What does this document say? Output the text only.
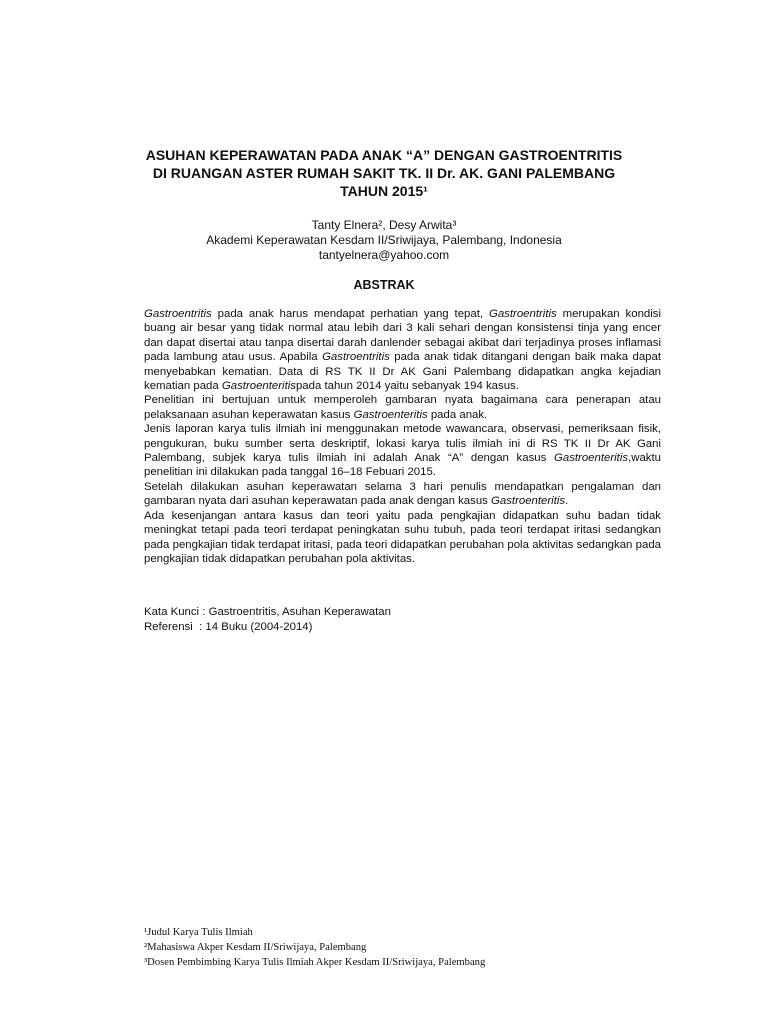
ASUHAN KEPERAWATAN PADA ANAK “A” DENGAN GASTROENTRITIS
DI RUANGAN ASTER RUMAH SAKIT TK. II Dr. AK. GANI PALEMBANG
TAHUN 2015¹
Tanty Elnera², Desy Arwita³
Akademi Keperawatan Kesdam II/Sriwijaya, Palembang, Indonesia
tantyelnera@yahoo.com
ABSTRAK

Gastroentritis pada anak harus mendapat perhatian yang tepat, Gastroentritis merupakan kondisi buang air besar yang tidak normal atau lebih dari 3 kali sehari dengan konsistensi tinja yang encer dan dapat disertai atau tanpa disertai darah danlender sebagai akibat dari terjadinya proses inflamasi pada lambung atau usus. Apabila Gastroentritis pada anak tidak ditangani dengan baik maka dapat menyebabkan kematian. Data di RS TK II Dr AK Gani Palembang didapatkan angka kejadian kematian pada Gastroenteritispada tahun 2014 yaitu sebanyak 194 kasus.

Penelitian ini bertujuan untuk memperoleh gambaran nyata bagaimana cara penerapan atau pelaksanaan asuhan keperawatan kasus Gastroenteritis pada anak.

Jenis laporan karya tulis ilmiah ini menggunakan metode wawancara, observasi, pemeriksaan fisik, pengukuran, buku sumber serta deskriptif, lokasi karya tulis ilmiah ini di RS TK II Dr AK Gani Palembang, subjek karya tulis ilmiah ini adalah Anak “A” dengan kasus Gastroenteritis,waktu penelitian ini dilakukan pada tanggal 16–18 Febuari 2015.

Setelah dilakukan asuhan keperawatan selama 3 hari penulis mendapatkan pengalaman dan gambaran nyata dari asuhan keperawatan pada anak dengan kasus Gastroenteritis.

Ada kesenjangan antara kasus dan teori yaitu pada pengkajian didapatkan suhu badan tidak meningkat tetapi pada teori terdapat peningkatan suhu tubuh, pada teori terdapat iritasi sedangkan pada pengkajian tidak terdapat iritasi, pada teori didapatkan perubahan pola aktivitas sedangkan pada pengkajian tidak didapatkan perubahan pola aktivitas.

Kata Kunci : Gastroentritis, Asuhan Keperawatan
Referensi  : 14 Buku (2004-2014)
¹Judul Karya Tulis Ilmiah
²Mahasiswa Akper Kesdam II/Sriwijaya, Palembang
³Dosen Pembimbing Karya Tulis Ilmiah Akper Kesdam II/Sriwijaya, Palembang
